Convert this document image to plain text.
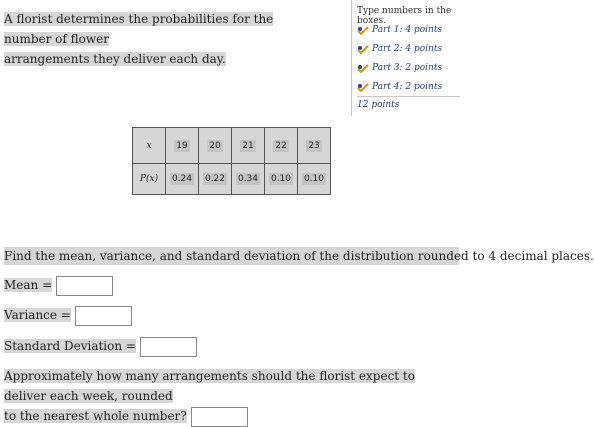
A florist determines the probabilities for the number of flower
arrangements they deliver each day.
Type numbers in the boxes.
Part 1: 4 points
Part 2: 4 points
Part 3: 2 points
Part 4: 2 points
12 points
x	19	20	21	22	23
P(x)	0.24	0.22	0.34	0.10	0.10
Find the mean, variance, and standard deviation of the distribution rounded to 4 decimal places.
Mean =
Variance =
Standard Deviation =
Approximately how many arrangements should the florist expect to deliver each week, rounded
to the nearest whole number?
